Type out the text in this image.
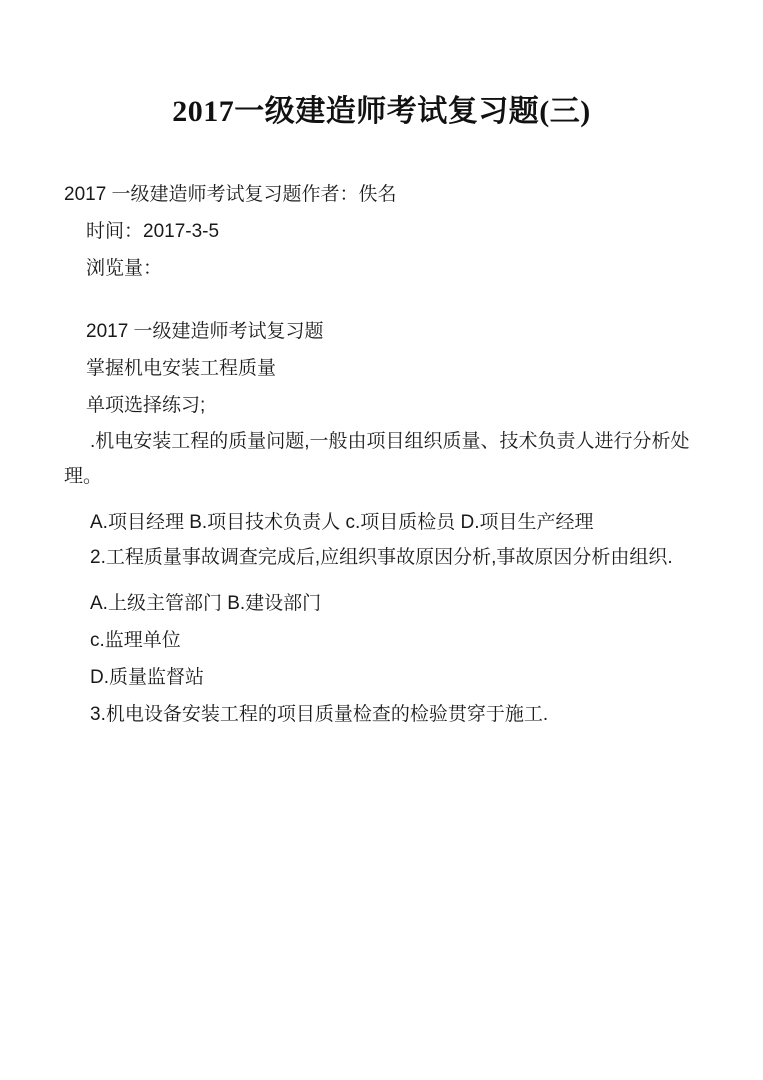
2017一级建造师考试复习题(三)

2017 一级建造师考试复习题作者：佚名

时间：2017-3-5

浏览量：

2017 一级建造师考试复习题

掌握机电安装工程质量

单项选择练习;

.机电安装工程的质量问题,一般由项目组织质量、技术负责人进行分析处理。

A.项目经理 B.项目技术负责人 c.项目质检员 D.项目生产经理

2.工程质量事故调查完成后,应组织事故原因分析,事故原因分析由组织.

A.上级主管部门 B.建设部门

c.监理单位

D.质量监督站

3.机电设备安装工程的项目质量检查的检验贯穿于施工.
